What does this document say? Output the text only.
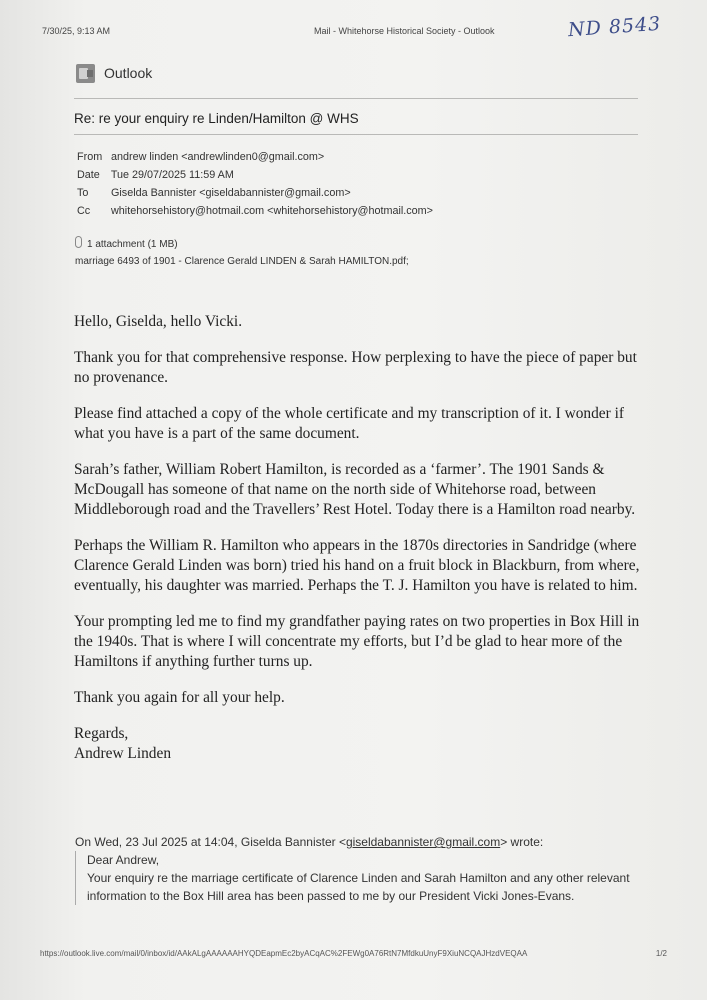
7/30/25, 9:13 AM	Mail - Whitehorse Historical Society - Outlook	ND 8543
Outlook
Re: re your enquiry re Linden/Hamilton @ WHS
From andrew linden <andrewlinden0@gmail.com>
Date Tue 29/07/2025 11:59 AM
To Giselda Bannister <giseldabannister@gmail.com>
Cc whitehorsehistory@hotmail.com <whitehorsehistory@hotmail.com>
1 attachment (1 MB)
marriage 6493 of 1901 - Clarence Gerald LINDEN & Sarah HAMILTON.pdf;

Hello, Giselda, hello Vicki.

Thank you for that comprehensive response. How perplexing to have the piece of paper but no provenance.

Please find attached a copy of the whole certificate and my transcription of it. I wonder if what you have is a part of the same document.

Sarah’s father, William Robert Hamilton, is recorded as a ‘farmer’. The 1901 Sands & McDougall has someone of that name on the north side of Whitehorse road, between Middleborough road and the Travellers’ Rest Hotel. Today there is a Hamilton road nearby.

Perhaps the William R. Hamilton who appears in the 1870s directories in Sandridge (where Clarence Gerald Linden was born) tried his hand on a fruit block in Blackburn, from where, eventually, his daughter was married. Perhaps the T. J. Hamilton you have is related to him.

Your prompting led me to find my grandfather paying rates on two properties in Box Hill in the 1940s. That is where I will concentrate my efforts, but I’d be glad to hear more of the Hamiltons if anything further turns up.

Thank you again for all your help.

Regards,
Andrew Linden

On Wed, 23 Jul 2025 at 14:04, Giselda Bannister <giseldabannister@gmail.com> wrote:

Dear Andrew,

Your enquiry re the marriage certificate of Clarence Linden and Sarah Hamilton and any other relevant information to the Box Hill area has been passed to me by our President Vicki Jones-Evans.

https://outlook.live.com/mail/0/inbox/id/AAkALgAAAAAAHYQDEapmEc2byACqAC%2FEWg0A76RtN7MfdkuUnyF9XiuNCQAJHzdVEQAA	1/2
